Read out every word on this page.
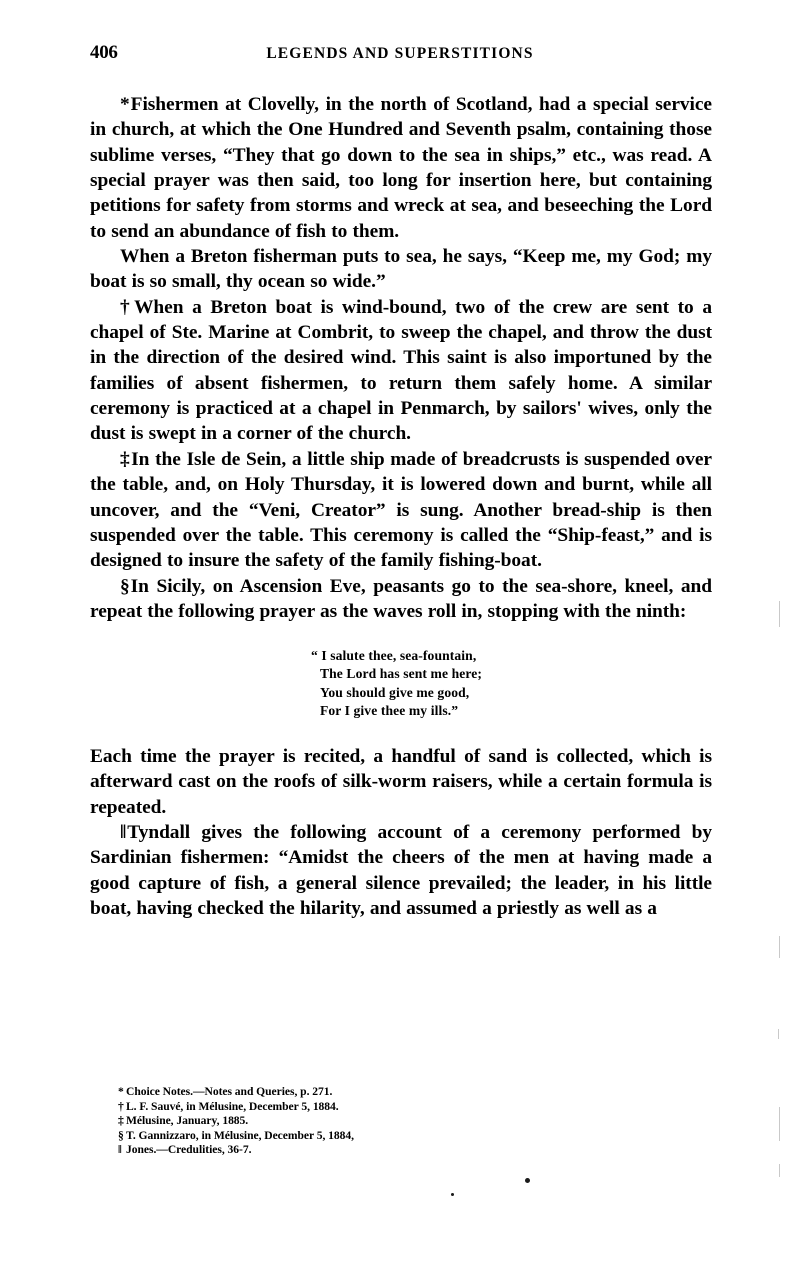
406	LEGENDS AND SUPERSTITIONS

*Fishermen at Clovelly, in the north of Scotland, had a special service in church, at which the One Hundred and Seventh psalm, containing those sublime verses, “They that go down to the sea in ships,” etc., was read. A special prayer was then said, too long for insertion here, but containing petitions for safety from storms and wreck at sea, and beseeching the Lord to send an abundance of fish to them.

When a Breton fisherman puts to sea, he says, “Keep me, my God; my boat is so small, thy ocean so wide.”

†When a Breton boat is wind-bound, two of the crew are sent to a chapel of Ste. Marine at Combrit, to sweep the chapel, and throw the dust in the direction of the desired wind. This saint is also importuned by the families of absent fishermen, to return them safely home. A similar ceremony is practiced at a chapel in Penmarch, by sailors' wives, only the dust is swept in a corner of the church.

‡In the Isle de Sein, a little ship made of breadcrusts is suspended over the table, and, on Holy Thursday, it is lowered down and burnt, while all uncover, and the “Veni, Creator” is sung. Another bread-ship is then suspended over the table. This ceremony is called the “Ship-feast,” and is designed to insure the safety of the family fishing-boat.

§In Sicily, on Ascension Eve, peasants go to the sea-shore, kneel, and repeat the following prayer as the waves roll in, stopping with the ninth:

“ I salute thee, sea-fountain,
The Lord has sent me here;
You should give me good,
For I give thee my ills.”

Each time the prayer is recited, a handful of sand is collected, which is afterward cast on the roofs of silk-worm raisers, while a certain formula is repeated.

‖Tyndall gives the following account of a ceremony performed by Sardinian fishermen: “Amidst the cheers of the men at having made a good capture of fish, a general silence prevailed; the leader, in his little boat, having checked the hilarity, and assumed a priestly as well as a

* Choice Notes.—Notes and Queries, p. 271.
† L. F. Sauvé, in Mélusine, December 5, 1884.
‡ Mélusine, January, 1885.
§ T. Gannizzaro, in Mélusine, December 5, 1884,
‖ Jones.—Credulities, 36-7.
